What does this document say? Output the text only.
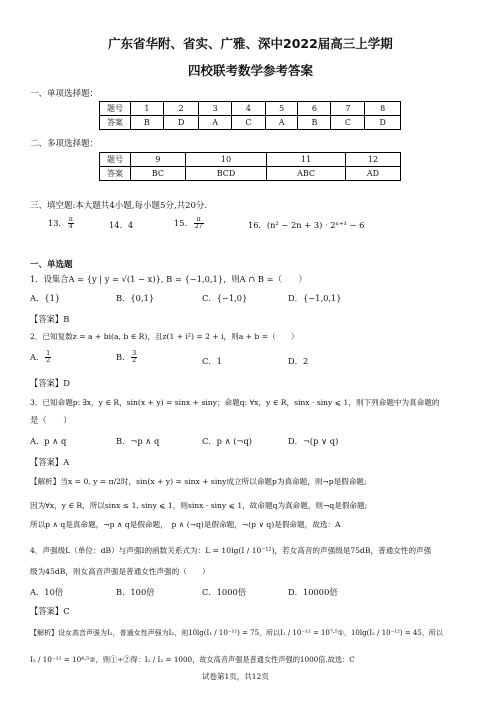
广东省华附、省实、广雅、深中2022届高三上学期
四校联考数学参考答案
一、单项选择题：
题号	1	2	3	4	5	6	7	8
答案	B	D	A	C	A	B	C	D
二、多项选择题：
题号	9	10	11	12
答案	BC	BCD	ABC	AD
三、填空题:本大题共4小题,每小题5分,共20分.
13． $\frac{\pi}{4}$	14．4	15． $\frac{\pi}{27}$	16．(n² − 2n + 3) · 2ⁿ⁺¹ − 6
一、单选题
1．设集合A = {y | y = √(1 − x)}, B = {−1,0,1}，则A ∩ B =（　　）
A．{1}	B．{0,1}	C．{−1,0}	D．{−1,0,1}
【答案】B
2．已知复数z = a + bi(a, b ∈ R)，且z(1 + i²) = 2 + i，则a + b =（　　）
A． $\frac{1}{2}$	B． $\frac{3}{2}$	C．1	D．2
【答案】D
3．已知命题p: ∃x，y ∈ R，sin(x + y) = sinx + siny；命题q: ∀x，y ∈ R，sinx · siny ⩽ 1，则下列命题中为真命题的
是（　　）
A．p ∧ q	B．¬p ∧ q	C．p ∧ (¬q)	D．¬(p ∨ q)
【答案】A
【解析】当x = 0, y = π/2时，sin(x + y) = sinx + siny成立所以命题p为真命题，则¬p是假命题;
因为∀x，y ∈ R，所以sinx ≤ 1, siny ⩽ 1，则sinx · siny ⩽ 1，故命题q为真命题，则¬q是假命题;
所以p ∧ q是真命题，¬p ∧ q是假命题，　p ∧ (¬q)是假命题，¬(p ∨ q)是假命题，故选：A
4．声强级L（单位：dB）与声强I的函数关系式为：L = 10lg(I / 10⁻¹²)，若女高音的声强级是75dB，普通女性的声强
级为45dB，则女高音声强是普通女性声强的（　　）
A．10倍	B．100倍	C．1000倍	D．10000倍
【答案】C
【解析】设女高音声强为I₁，普通女性声强为I₂，则10lg(I₁ / 10⁻¹²) = 75，所以I₁ / 10⁻¹² = 10⁷·⁵①，10lg(I₂ / 10⁻¹²) = 45，所以
I₂ / 10⁻¹² = 10⁴·⁵②，则①÷②得：I₁ / I₂ = 1000，故女高音声强是普通女性声强的1000倍.故选：C
试卷第1页，共12页
